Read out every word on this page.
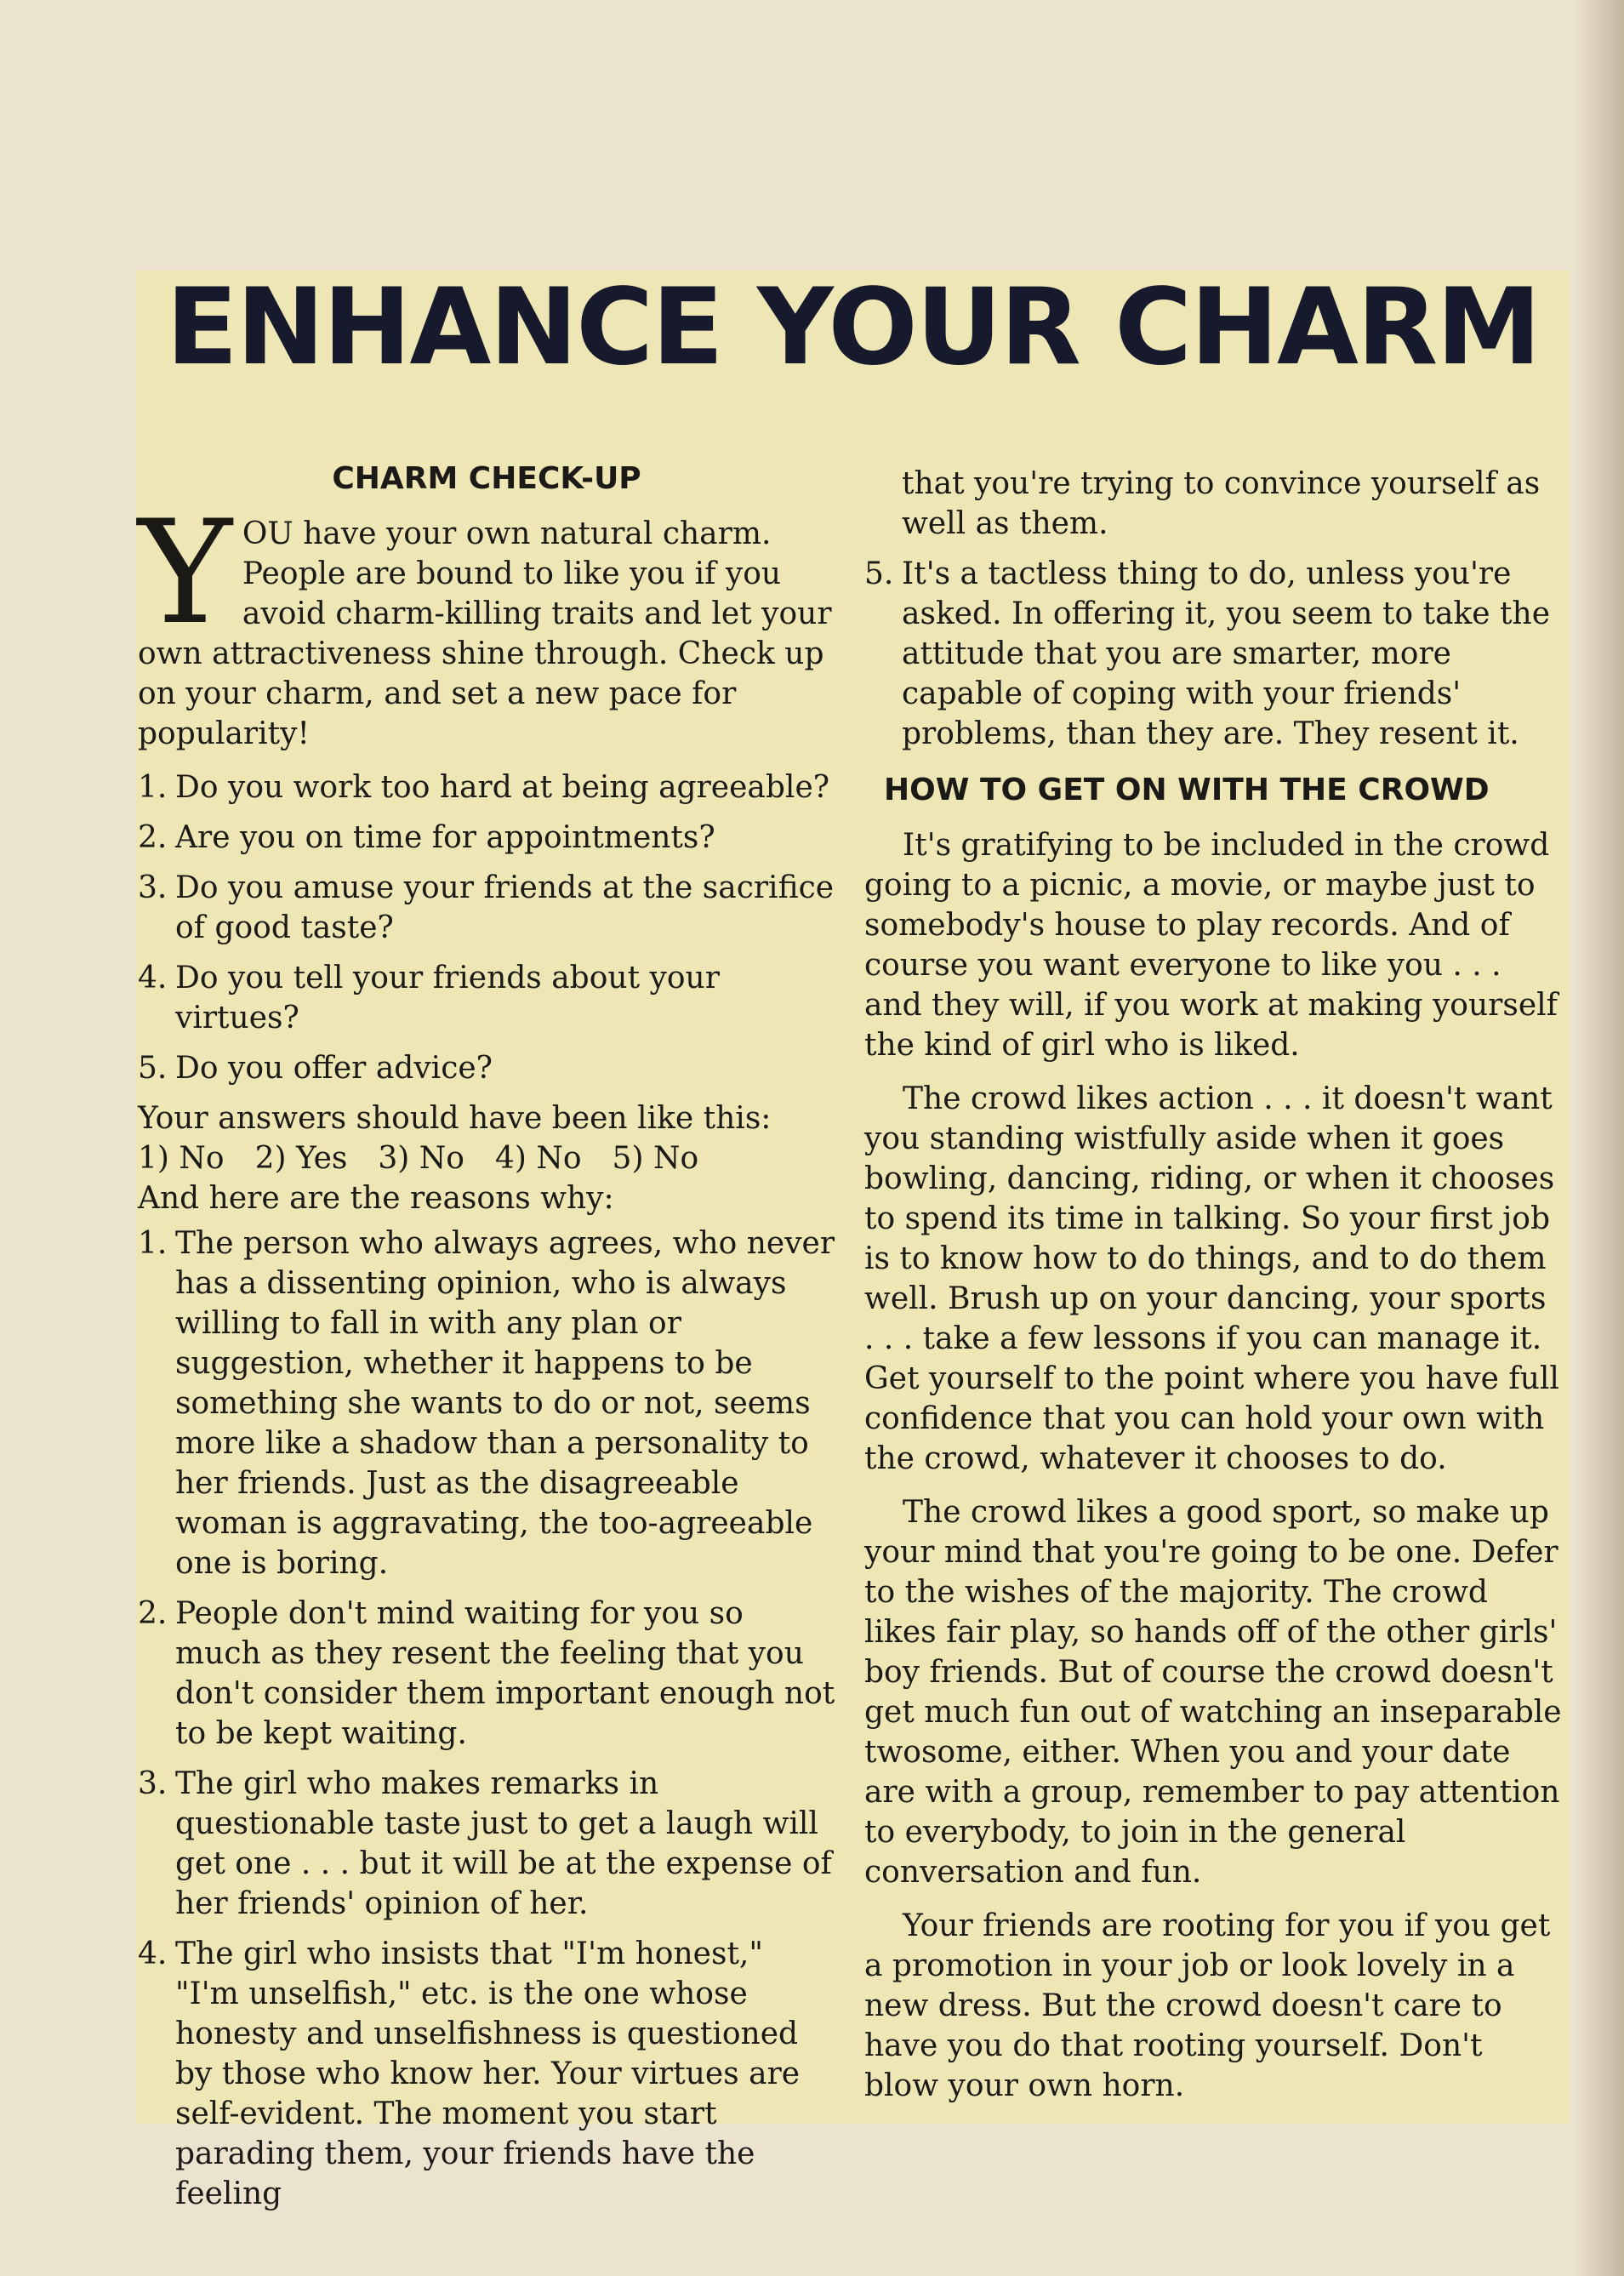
ENHANCE YOUR CHARM
CHARM CHECK-UP

YOU have your own natural charm. People are bound to like you if you avoid charm-killing traits and let your own attractiveness shine through. Check up on your charm, and set a new pace for popularity!

1. Do you work too hard at being agreeable?
2. Are you on time for appointments?
3. Do you amuse your friends at the sacrifice of good taste?
4. Do you tell your friends about your virtues?
5. Do you offer advice?

Your answers should have been like this:

1) No 2) Yes 3) No 4) No 5) No

And here are the reasons why:

1. The person who always agrees, who never has a dissenting opinion, who is always willing to fall in with any plan or suggestion, whether it happens to be something she wants to do or not, seems more like a shadow than a personality to her friends. Just as the disagreeable woman is aggravating, the too-agreeable one is boring.
2. People don't mind waiting for you so much as they resent the feeling that you don't consider them important enough not to be kept waiting.
3. The girl who makes remarks in questionable taste just to get a laugh will get one . . . but it will be at the expense of her friends' opinion of her.
4. The girl who insists that "I'm honest," "I'm unselfish," etc. is the one whose honesty and unselfishness is questioned by those who know her. Your virtues are self-evident. The moment you start parading them, your friends have the feeling

that you're trying to convince yourself as well as them.

5. It's a tactless thing to do, unless you're asked. In offering it, you seem to take the attitude that you are smarter, more capable of coping with your friends' problems, than they are. They resent it.
HOW TO GET ON WITH THE CROWD

It's gratifying to be included in the crowd going to a picnic, a movie, or maybe just to somebody's house to play records. And of course you want everyone to like you . . . and they will, if you work at making yourself the kind of girl who is liked.

The crowd likes action . . . it doesn't want you standing wistfully aside when it goes bowling, dancing, riding, or when it chooses to spend its time in talking. So your first job is to know how to do things, and to do them well. Brush up on your dancing, your sports . . . take a few lessons if you can manage it. Get yourself to the point where you have full confidence that you can hold your own with the crowd, whatever it chooses to do.

The crowd likes a good sport, so make up your mind that you're going to be one. Defer to the wishes of the majority. The crowd likes fair play, so hands off of the other girls' boy friends. But of course the crowd doesn't get much fun out of watching an inseparable twosome, either. When you and your date are with a group, remember to pay attention to everybody, to join in the general conversation and fun.

Your friends are rooting for you if you get a promotion in your job or look lovely in a new dress. But the crowd doesn't care to have you do that rooting yourself. Don't blow your own horn.
